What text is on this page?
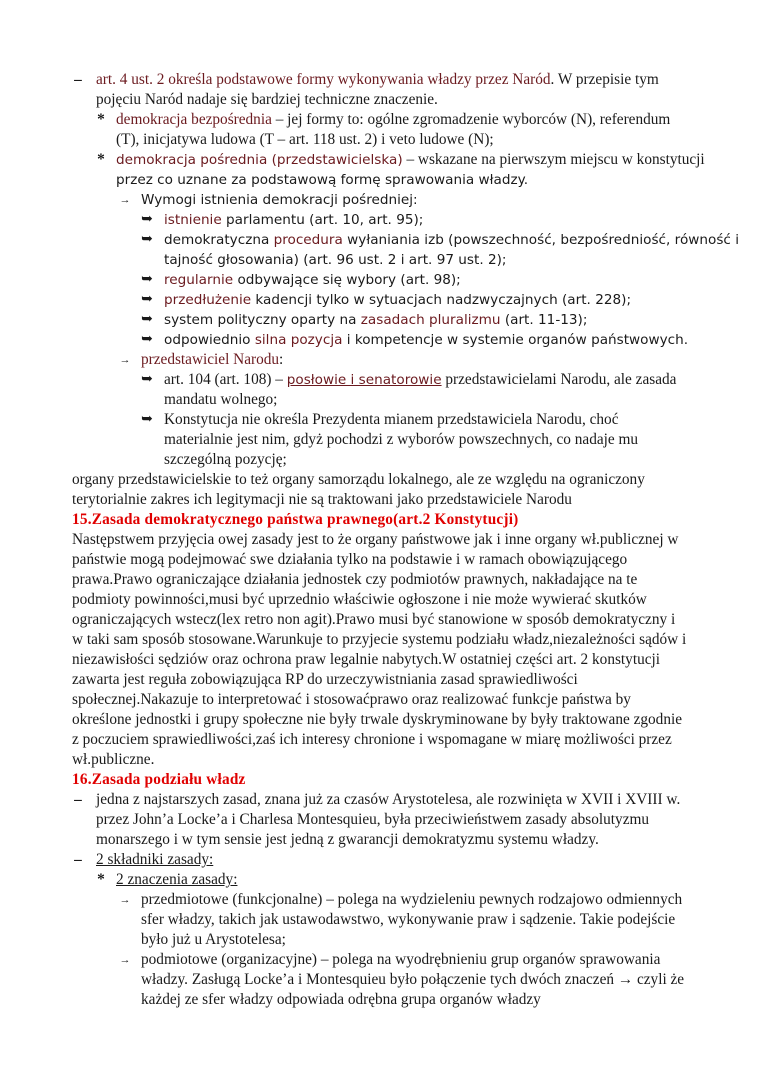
– art. 4 ust. 2 określa podstawowe formy wykonywania władzy przez Naród. W przepisie tym
pojęciu Naród nadaje się bardziej techniczne znaczenie.
* demokracja bezpośrednia – jej formy to: ogólne zgromadzenie wyborców (N), referendum
(T), inicjatywa ludowa (T – art. 118 ust. 2) i veto ludowe (N);
* demokracja pośrednia (przedstawicielska) – wskazane na pierwszym miejscu w konstytucji
przez co uznane za podstawową formę sprawowania władzy.
→ Wymogi istnienia demokracji pośredniej:
➥ istnienie parlamentu (art. 10, art. 95);
➥ demokratyczna procedura wyłaniania izb (powszechność, bezpośredniość, równość i
tajność głosowania) (art. 96 ust. 2 i art. 97 ust. 2);
➥ regularnie odbywające się wybory (art. 98);
➥ przedłużenie kadencji tylko w sytuacjach nadzwyczajnych (art. 228);
➥ system polityczny oparty na zasadach pluralizmu (art. 11-13);
➥ odpowiednio silna pozycja i kompetencje w systemie organów państwowych.
→ przedstawiciel Narodu:
➥ art. 104 (art. 108) – posłowie i senatorowie przedstawicielami Narodu, ale zasada
mandatu wolnego;
➥ Konstytucja nie określa Prezydenta mianem przedstawiciela Narodu, choć
materialnie jest nim, gdyż pochodzi z wyborów powszechnych, co nadaje mu
szczególną pozycję;
organy przedstawicielskie to też organy samorządu lokalnego, ale ze względu na ograniczony
terytorialnie zakres ich legitymacji nie są traktowani jako przedstawiciele Narodu
15.Zasada demokratycznego państwa prawnego(art.2 Konstytucji)
Następstwem przyjęcia owej zasady jest to że organy państwowe jak i inne organy wł.publicznej w
państwie mogą podejmować swe działania tylko na podstawie i w ramach obowiązującego
prawa.Prawo ograniczające działania jednostek czy podmiotów prawnych, nakładające na te
podmioty powinności,musi być uprzednio właściwie ogłoszone i nie może wywierać skutków
ograniczających wstecz(lex retro non agit).Prawo musi być stanowione w sposób demokratyczny i
w taki sam sposób stosowane.Warunkuje to przyjecie systemu podziału władz,niezależności sądów i
niezawisłości sędziów oraz ochrona praw legalnie nabytych.W ostatniej części art. 2 konstytucji
zawarta jest reguła zobowiązująca RP do urzeczywistniania zasad sprawiedliwości
społecznej.Nakazuje to interpretować i stosowaćprawo oraz realizować funkcje państwa by
określone jednostki i grupy społeczne nie były trwale dyskryminowane by były traktowane zgodnie
z poczuciem sprawiedliwości,zaś ich interesy chronione i wspomagane w miarę możliwości przez
wł.publiczne.
16.Zasada podziału władz
– jedna z najstarszych zasad, znana już za czasów Arystotelesa, ale rozwinięta w XVII i XVIII w.
przez John’a Locke’a i Charlesa Montesquieu, była przeciwieństwem zasady absolutyzmu
monarszego i w tym sensie jest jedną z gwarancji demokratyzmu systemu władzy.
– 2 składniki zasady:
* 2 znaczenia zasady:
→ przedmiotowe (funkcjonalne) – polega na wydzieleniu pewnych rodzajowo odmiennych
sfer władzy, takich jak ustawodawstwo, wykonywanie praw i sądzenie. Takie podejście
było już u Arystotelesa;
→ podmiotowe (organizacyjne) – polega na wyodrębnieniu grup organów sprawowania
władzy. Zasługą Locke’a i Montesquieu było połączenie tych dwóch znaczeń → czyli że
każdej ze sfer władzy odpowiada odrębna grupa organów władzy
